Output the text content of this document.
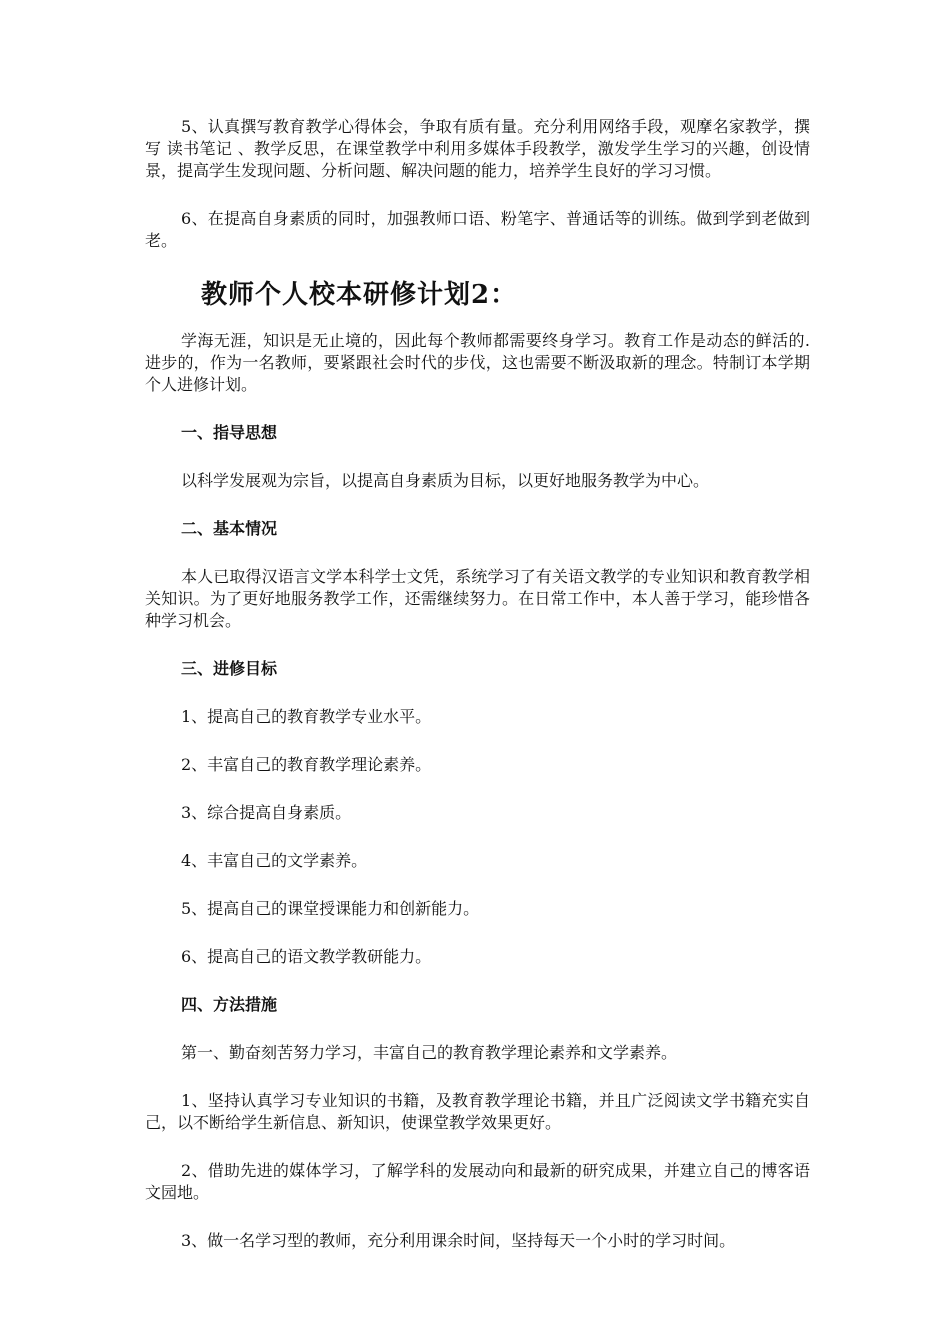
5、认真撰写教育教学心得体会，争取有质有量。充分利用网络手段，观摩名家教学，撰写 读书笔记 、教学反思，在课堂教学中利用多媒体手段教学，激发学生学习的兴趣，创设情景，提高学生发现问题、分析问题、解决问题的能力，培养学生良好的学习习惯。

6、在提高自身素质的同时，加强教师口语、粉笔字、普通话等的训练。做到学到老做到老。

教师个人校本研修计划2：

学海无涯，知识是无止境的，因此每个教师都需要终身学习。教育工作是动态的鲜活的.进步的，作为一名教师，要紧跟社会时代的步伐，这也需要不断汲取新的理念。特制订本学期个人进修计划。

一、指导思想

以科学发展观为宗旨，以提高自身素质为目标，以更好地服务教学为中心。

二、基本情况

本人已取得汉语言文学本科学士文凭，系统学习了有关语文教学的专业知识和教育教学相关知识。为了更好地服务教学工作，还需继续努力。在日常工作中，本人善于学习，能珍惜各种学习机会。

三、进修目标

1、提高自己的教育教学专业水平。

2、丰富自己的教育教学理论素养。

3、综合提高自身素质。

4、丰富自己的文学素养。

5、提高自己的课堂授课能力和创新能力。

6、提高自己的语文教学教研能力。

四、方法措施

第一、勤奋刻苦努力学习，丰富自己的教育教学理论素养和文学素养。

1、坚持认真学习专业知识的书籍，及教育教学理论书籍，并且广泛阅读文学书籍充实自己，以不断给学生新信息、新知识，使课堂教学效果更好。

2、借助先进的媒体学习，了解学科的发展动向和最新的研究成果，并建立自己的博客语文园地。

3、做一名学习型的教师，充分利用课余时间，坚持每天一个小时的学习时间。
